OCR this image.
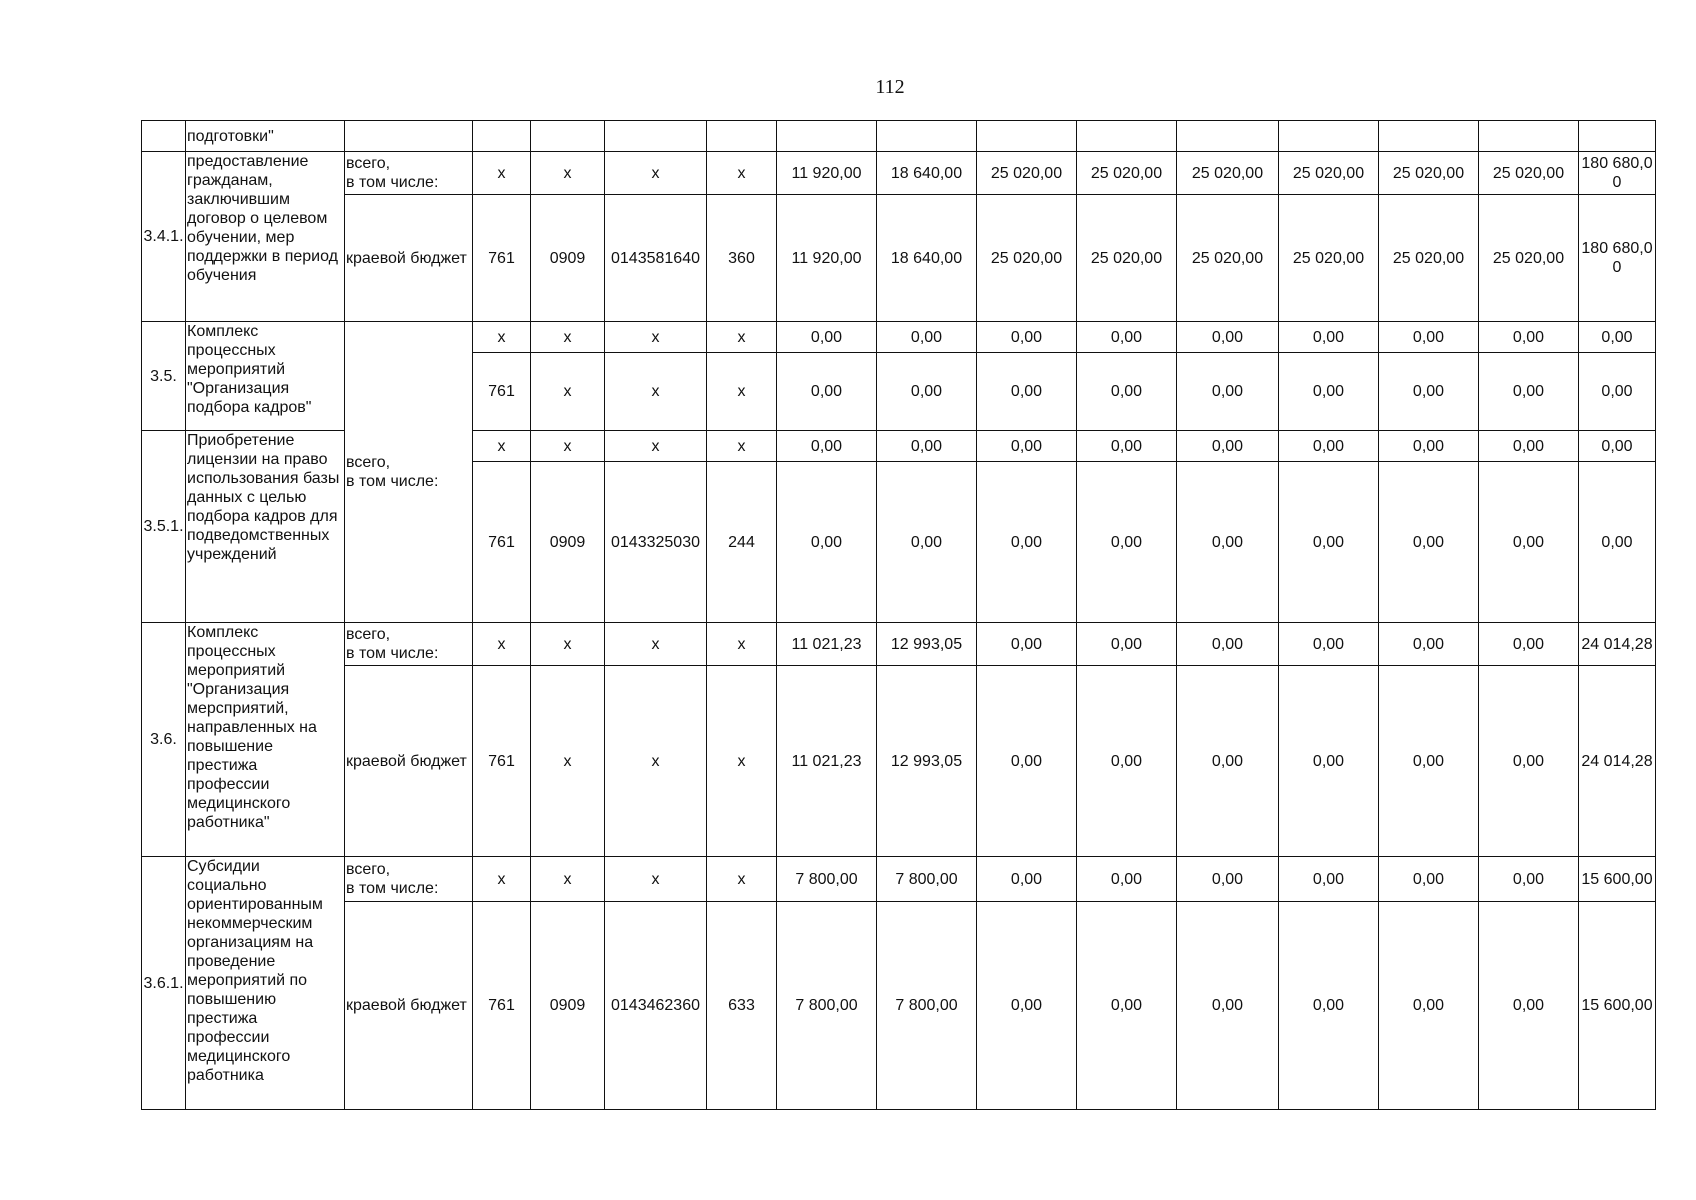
112
	подготовки"														
3.4.1.	предоставление гражданам, заключившим договор о целевом обучении, мер поддержки в период обучения	всего,
в том числе:	x	x	x	x	11 920,00	18 640,00	25 020,00	25 020,00	25 020,00	25 020,00	25 020,00	25 020,00	180 680,00
		краевой бюджет	761	0909	0143581640	360	11 920,00	18 640,00	25 020,00	25 020,00	25 020,00	25 020,00	25 020,00	25 020,00	180 680,00
3.5.	Комплекс процессных мероприятий "Организация подбора кадров"	всего,
в том числе:	x	x	x	x	0,00	0,00	0,00	0,00	0,00	0,00	0,00	0,00	0,00
			761	x	x	x	0,00	0,00	0,00	0,00	0,00	0,00	0,00	0,00	0,00
3.5.1.	Приобретение лицензии на право использования базы данных с целью подбора кадров для подведомственных учреждений		x	x	x	x	0,00	0,00	0,00	0,00	0,00	0,00	0,00	0,00	0,00
			761	0909	0143325030	244	0,00	0,00	0,00	0,00	0,00	0,00	0,00	0,00	0,00
3.6.	Комплекс процессных мероприятий "Организация мерсприятий, направленных на повышение престижа профессии медицинского работника"	всего,
в том числе:	x	x	x	x	11 021,23	12 993,05	0,00	0,00	0,00	0,00	0,00	0,00	24 014,28
		краевой бюджет	761	x	x	x	11 021,23	12 993,05	0,00	0,00	0,00	0,00	0,00	0,00	24 014,28
3.6.1.	Субсидии социально ориентированным некоммерческим организациям на проведение мероприятий по повышению престижа профессии медицинского работника	всего,
в том числе:	x	x	x	x	7 800,00	7 800,00	0,00	0,00	0,00	0,00	0,00	0,00	15 600,00
		краевой бюджет	761	0909	0143462360	633	7 800,00	7 800,00	0,00	0,00	0,00	0,00	0,00	0,00	15 600,00
